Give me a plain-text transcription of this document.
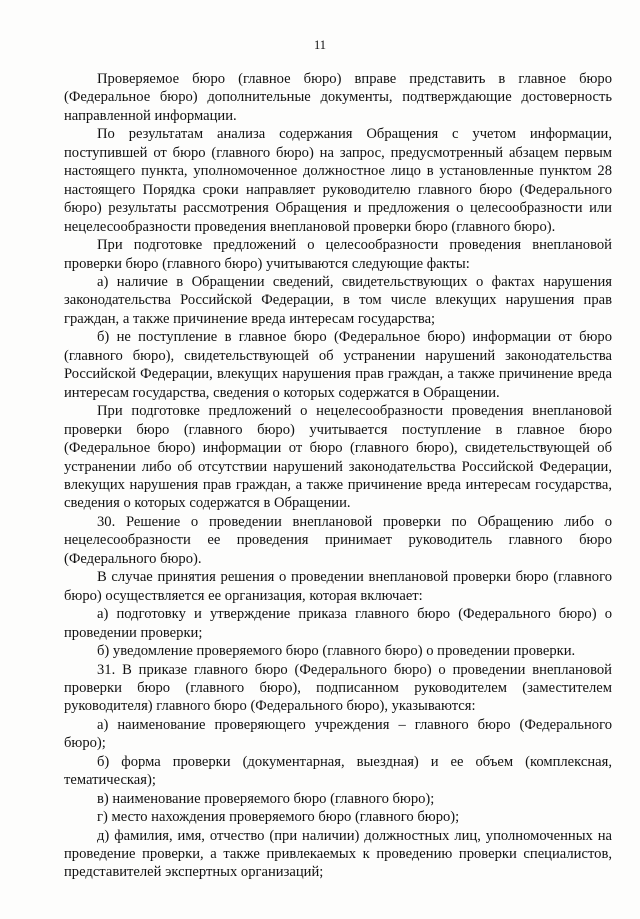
11

Проверяемое бюро (главное бюро) вправе представить в главное бюро (Федеральное бюро) дополнительные документы, подтверждающие достоверность направленной информации.

По результатам анализа содержания Обращения с учетом информации, поступившей от бюро (главного бюро) на запрос, предусмотренный абзацем первым настоящего пункта, уполномоченное должностное лицо в установленные пунктом 28 настоящего Порядка сроки направляет руководителю главного бюро (Федерального бюро) результаты рассмотрения Обращения и предложения о целесообразности или нецелесообразности проведения внеплановой проверки бюро (главного бюро).

При подготовке предложений о целесообразности проведения внеплановой проверки бюро (главного бюро) учитываются следующие факты:

а) наличие в Обращении сведений, свидетельствующих о фактах нарушения законодательства Российской Федерации, в том числе влекущих нарушения прав граждан, а также причинение вреда интересам государства;

б) не поступление в главное бюро (Федеральное бюро) информации от бюро (главного бюро), свидетельствующей об устранении нарушений законодательства Российской Федерации, влекущих нарушения прав граждан, а также причинение вреда интересам государства, сведения о которых содержатся в Обращении.

При подготовке предложений о нецелесообразности проведения внеплановой проверки бюро (главного бюро) учитывается поступление в главное бюро (Федеральное бюро) информации от бюро (главного бюро), свидетельствующей об устранении либо об отсутствии нарушений законодательства Российской Федерации, влекущих нарушения прав граждан, а также причинение вреда интересам государства, сведения о которых содержатся в Обращении.

30. Решение о проведении внеплановой проверки по Обращению либо о нецелесообразности ее проведения принимает руководитель главного бюро (Федерального бюро).

В случае принятия решения о проведении внеплановой проверки бюро (главного бюро) осуществляется ее организация, которая включает:

а) подготовку и утверждение приказа главного бюро (Федерального бюро) о проведении проверки;

б) уведомление проверяемого бюро (главного бюро) о проведении проверки.

31. В приказе главного бюро (Федерального бюро) о проведении внеплановой проверки бюро (главного бюро), подписанном руководителем (заместителем руководителя) главного бюро (Федерального бюро), указываются:

а) наименование проверяющего учреждения – главного бюро (Федерального бюро);

б) форма проверки (документарная, выездная) и ее объем (комплексная, тематическая);

в) наименование проверяемого бюро (главного бюро);

г) место нахождения проверяемого бюро (главного бюро);

д) фамилия, имя, отчество (при наличии) должностных лиц, уполномоченных на проведение проверки, а также привлекаемых к проведению проверки специалистов, представителей экспертных организаций;
